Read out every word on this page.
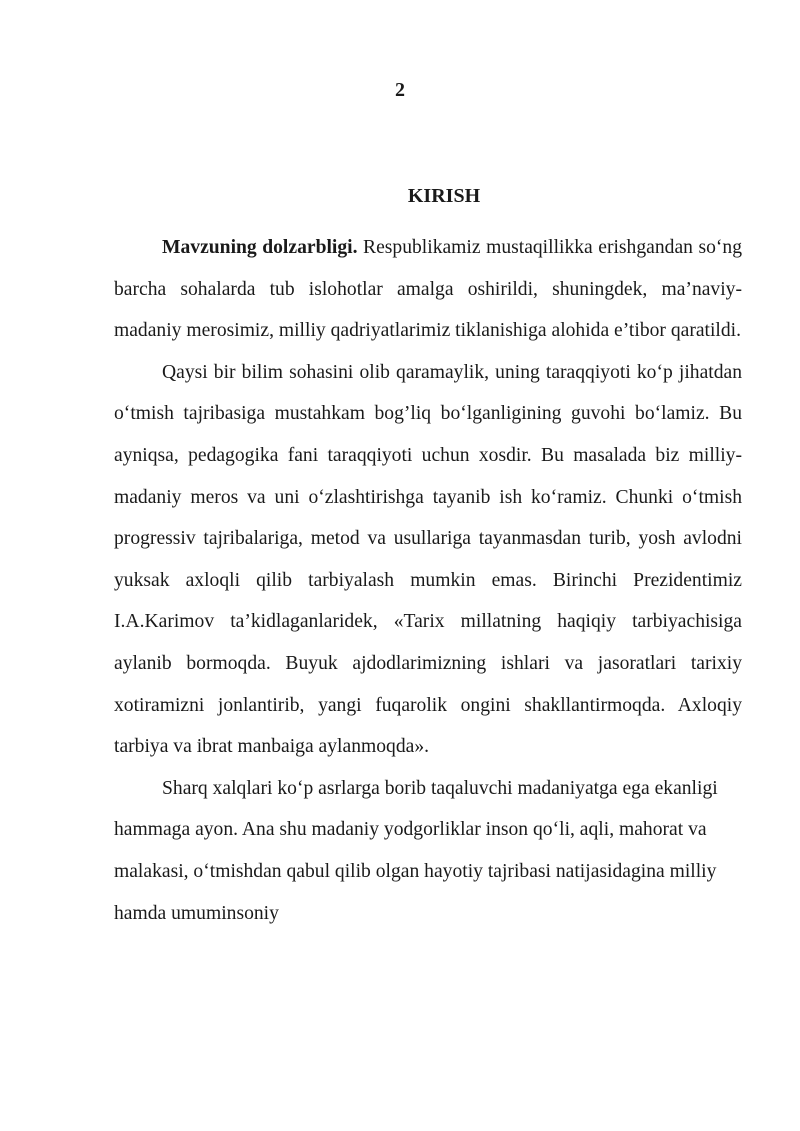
2
KIRISH

Mavzuning dolzarbligi. Respublikamiz mustaqillikka erishgandan so‘ng barcha sohalarda tub islohotlar amalga oshirildi, shuningdek, ma’naviy-madaniy merosimiz, milliy qadriyatlarimiz tiklanishiga alohida e’tibor qaratildi.

Qaysi bir bilim sohasini olib qaramaylik, uning taraqqiyoti ko‘p jihatdan o‘tmish tajribasiga mustahkam bog’liq bo‘lganligining guvohi bo‘lamiz. Bu ayniqsa, pedagogika fani taraqqiyoti uchun xosdir. Bu masalada biz milliy-madaniy meros va uni o‘zlashtirishga tayanib ish ko‘ramiz. Chunki o‘tmish progressiv tajribalariga, metod va usullariga tayanmasdan turib, yosh avlodni yuksak axloqli qilib tarbiyalash mumkin emas. Birinchi Prezidentimiz I.A.Karimov ta’kidlaganlaridek, «Tarix millatning haqiqiy tarbiyachisiga aylanib bormoqda. Buyuk ajdodlarimizning ishlari va jasoratlari tarixiy xotiramizni jonlantirib, yangi fuqarolik ongini shakllantirmoqda. Axloqiy tarbiya va ibrat manbaiga aylanmoqda».

Sharq xalqlari ko‘p asrlarga borib taqaluvchi madaniyatga ega ekanligi hammaga ayon. Ana shu madaniy yodgorliklar inson qo‘li, aqli, mahorat va malakasi, o‘tmishdan qabul qilib olgan hayotiy tajribasi natijasidagina milliy hamda umuminsoniy
